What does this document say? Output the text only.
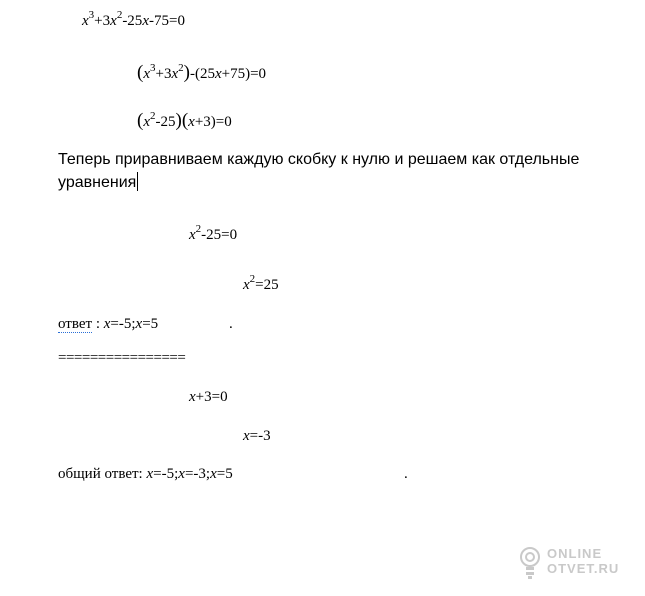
$x^3+3x^2-25x-75=0$
$(x^3+3x^2)-(25x+75)=0$
$(x^2-25)(x+3)=0$
Теперь приравниваем каждую скобку к нулю и решаем как отдельные
уравнения
$x^2-25=0$
$x^2=25$
ответ : x=-5;x=5	.
================
x+3=0
x=-3
общий ответ: x=-5;x=-3;x=5	.
ONLINE
OTVET.RU
